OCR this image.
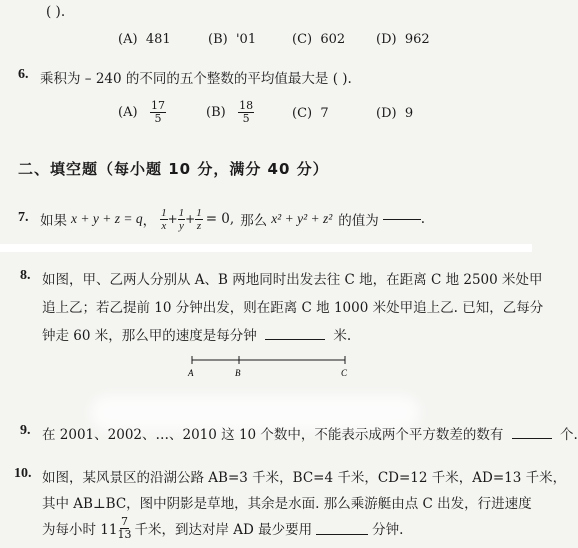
( ).
(A) 481	(B) '01	(C) 602 (D) 962
6. 乘积为 – 240 的不同的五个整数的平均值最大是 ( ).
$(A) \frac{17}{5}$	$(B) \frac{18}{5}$	(C) 7	(D) 9
二、填空题（每小题 10 分，满分 40 分）
7. 如果 x + y + z = q ， $\frac{1}{x} + \frac{1}{y} + \frac{1}{z} = 0$, 那么 x² + y² + z² 的值为	.
8. 如图，甲、乙两人分别从 A、B 两地同时出发去往 C 地，在距离 C 地 2500 米处甲
追上乙；若乙提前 10 分钟出发，则在距离 C 地 1000 米处甲追上乙. 已知，乙每分
钟走 60 米，那么甲的速度是每分钟	米.
A	B	C
9. 在 2001、2002、…、2010 这 10 个数中，不能表示成两个平方数差的数有	个.
10. 如图，某风景区的沿湖公路 AB=3 千米，BC=4 千米，CD=12 千米，AD=13 千米，
其中 AB⊥BC，图中阴影是草地，其余是水面. 那么乘游艇由点 C 出发，行进速度
为每小时 $11 \frac{7}{13}$ 千米，到达对岸 AD 最少要用	分钟.
